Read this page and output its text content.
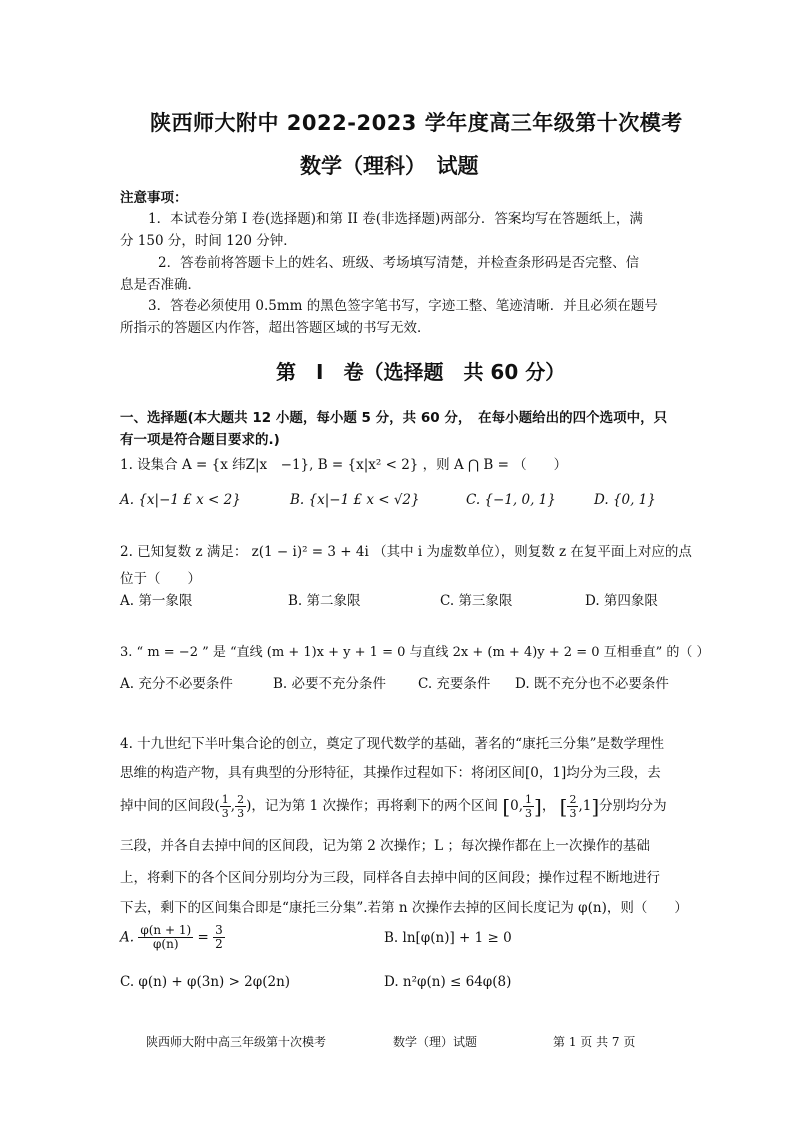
陕西师大附中 2022-2023 学年度高三年级第十次模考
数学（理科）　试题
注意事项：
1．本试卷分第 I 卷(选择题)和第 II 卷(非选择题)两部分．答案均写在答题纸上，满
分 150 分，时间 120 分钟．
2．答卷前将答题卡上的姓名、班级、考场填写清楚，并检查条形码是否完整、信
息是否准确．
3．答卷必须使用 0.5mm 的黑色签字笔书写，字迹工整、笔迹清晰．并且必须在题号
所指示的答题区内作答，超出答题区域的书写无效．
第　I　卷（选择题　共 60 分）
一、选择题(本大题共 12 小题，每小题 5 分，共 60 分，　在每小题给出的四个选项中，只
有一项是符合题目要求的.)
1. 设集合 A = {x 纬Z|x　−1}, B = {x|x² < 2} ，则 A ⋂ B = （　　）
A. {x|−1 £ x < 2}	B. {x|−1 £ x < √2}	C. {−1, 0, 1}	D. {0, 1}
2. 已知复数 z 满足： z(1 − i)² = 3 + 4i （其中 i 为虚数单位），则复数 z 在复平面上对应的点
位于（　　）
A. 第一象限	B. 第二象限	C. 第三象限	D. 第四象限
3. “ m = −2 ” 是 “直线 (m + 1)x + y + 1 = 0 与直线 2x + (m + 4)y + 2 = 0 互相垂直” 的（ ）
A. 充分不必要条件	B. 必要不充分条件 C. 充要条件 D. 既不充分也不必要条件
4. 十九世纪下半叶集合论的创立，奠定了现代数学的基础，著名的“康托三分集”是数学理性
思维的构造产物，具有典型的分形特征，其操作过程如下：将闭区间[0，1]均分为三段，去
掉中间的区间段( $\frac{1}{3}$ , $\frac{2}{3}$ )，记为第 1 次操作；再将剩下的两个区间 [0, $\frac{1}{3}$ ]， [ $\frac{2}{3} ,1$]分别均分为
三段，并各自去掉中间的区间段，记为第 2 次操作；L ；每次操作都在上一次操作的基础
上，将剩下的各个区间分别均分为三段，同样各自去掉中间的区间段；操作过程不断地进行
下去，剩下的区间集合即是“康托三分集”.若第 n 次操作去掉的区间长度记为 φ(n)，则（　　）
A. $\frac{\varphi(n + 1)}{\varphi(n)} = \frac{3}{2}$	B. ln[φ(n)] + 1 ≥ 0
C. φ(n) + φ(3n) > 2φ(2n)	D. n²φ(n) ≤ 64φ(8)
陕西师大附中高三年级第十次模考	数学（理）试题	第 1 页 共 7 页
